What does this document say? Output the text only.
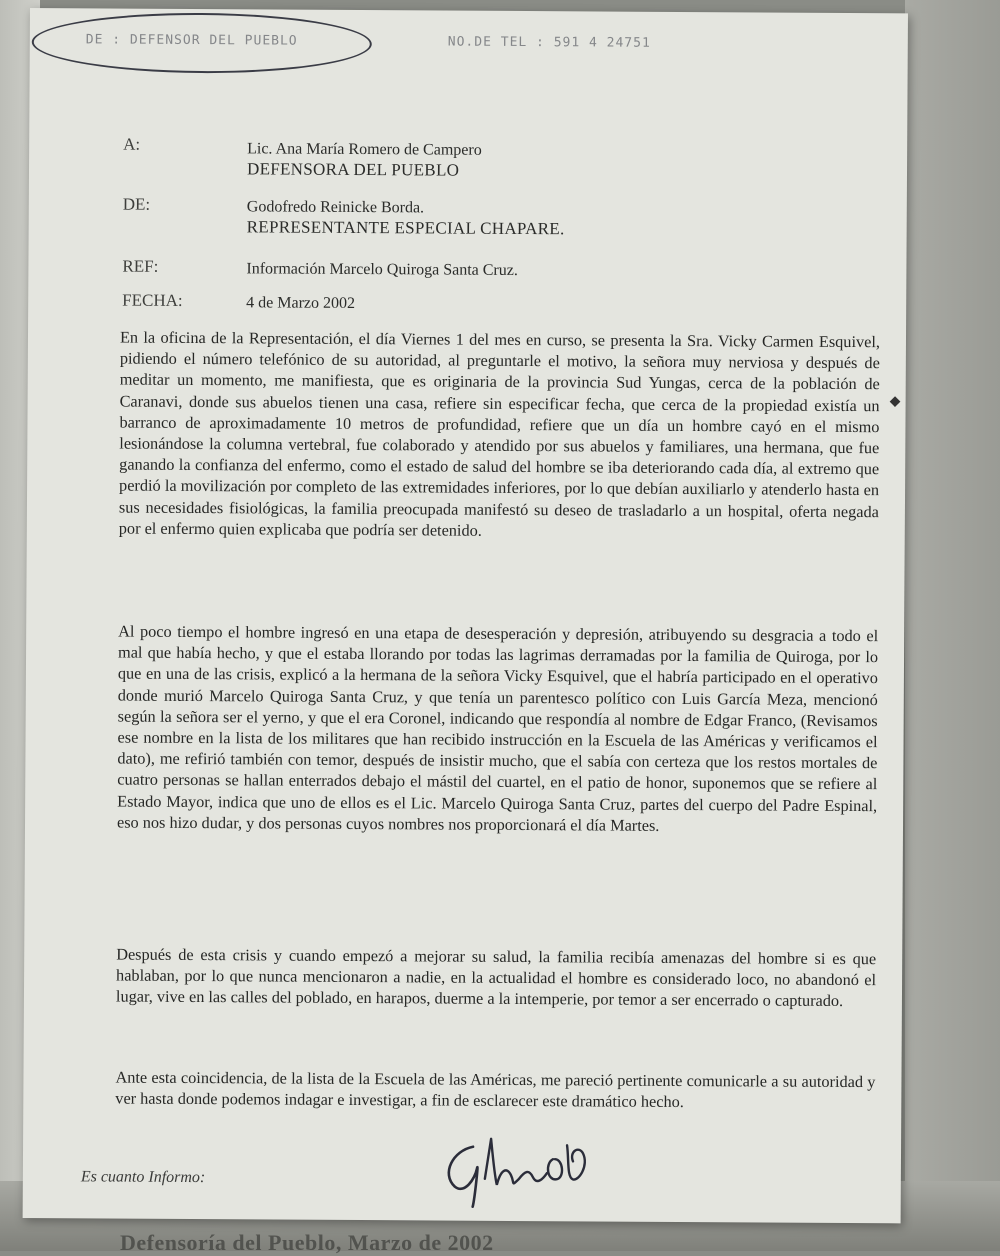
Defensoría del Pueblo, Marzo de 2002
DE : DEFENSOR DEL PUEBLO	NO.DE TEL : 591 4 24751
A:	Lic. Ana María Romero de Campero
DEFENSORA DEL PUEBLO
DE:	Godofredo Reinicke Borda.
REPRESENTANTE ESPECIAL CHAPARE.
REF:	Información Marcelo Quiroga Santa Cruz.
FECHA:	4 de Marzo 2002

En la oficina de la Representación, el día Viernes 1 del mes en curso, se presenta la Sra. Vicky Carmen Esquivel, pidiendo el número telefónico de su autoridad, al preguntarle el motivo, la señora muy nerviosa y después de meditar un momento, me manifiesta, que es originaria de la provincia Sud Yungas, cerca de la población de Caranavi, donde sus abuelos tienen una casa, refiere sin especificar fecha, que cerca de la propiedad existía un barranco de aproximadamente 10 metros de profundidad, refiere que un día un hombre cayó en el mismo lesionándose la columna vertebral, fue colaborado y atendido por sus abuelos y familiares, una hermana, que fue ganando la confianza del enfermo, como el estado de salud del hombre se iba deteriorando cada día, al extremo que perdió la movilización por completo de las extremidades inferiores, por lo que debían auxiliarlo y atenderlo hasta en sus necesidades fisiológicas, la familia preocupada manifestó su deseo de trasladarlo a un hospital, oferta negada por el enfermo quien explicaba que podría ser detenido.

Al poco tiempo el hombre ingresó en una etapa de desesperación y depresión, atribuyendo su desgracia a todo el mal que había hecho, y que el estaba llorando por todas las lagrimas derramadas por la familia de Quiroga, por lo que en una de las crisis, explicó a la hermana de la señora Vicky Esquivel, que el habría participado en el operativo donde murió Marcelo Quiroga Santa Cruz, y que tenía un parentesco político con Luis García Meza, mencionó según la señora ser el yerno, y que el era Coronel, indicando que respondía al nombre de Edgar Franco, (Revisamos ese nombre en la lista de los militares que han recibido instrucción en la Escuela de las Américas y verificamos el dato), me refirió también con temor, después de insistir mucho, que el sabía con certeza que los restos mortales de cuatro personas se hallan enterrados debajo el mástil del cuartel, en el patio de honor, suponemos que se refiere al Estado Mayor, indica que uno de ellos es el Lic. Marcelo Quiroga Santa Cruz, partes del cuerpo del Padre Espinal, eso nos hizo dudar, y dos personas cuyos nombres nos proporcionará el día Martes.

Después de esta crisis y cuando empezó a mejorar su salud, la familia recibía amenazas del hombre si es que hablaban, por lo que nunca mencionaron a nadie, en la actualidad el hombre es considerado loco, no abandonó el lugar, vive en las calles del poblado, en harapos, duerme a la intemperie, por temor a ser encerrado o capturado.

Ante esta coincidencia, de la lista de la Escuela de las Américas, me pareció pertinente comunicarle a su autoridad y ver hasta donde podemos indagar e investigar, a fin de esclarecer este dramático hecho.

Es cuanto Informo:
◆
